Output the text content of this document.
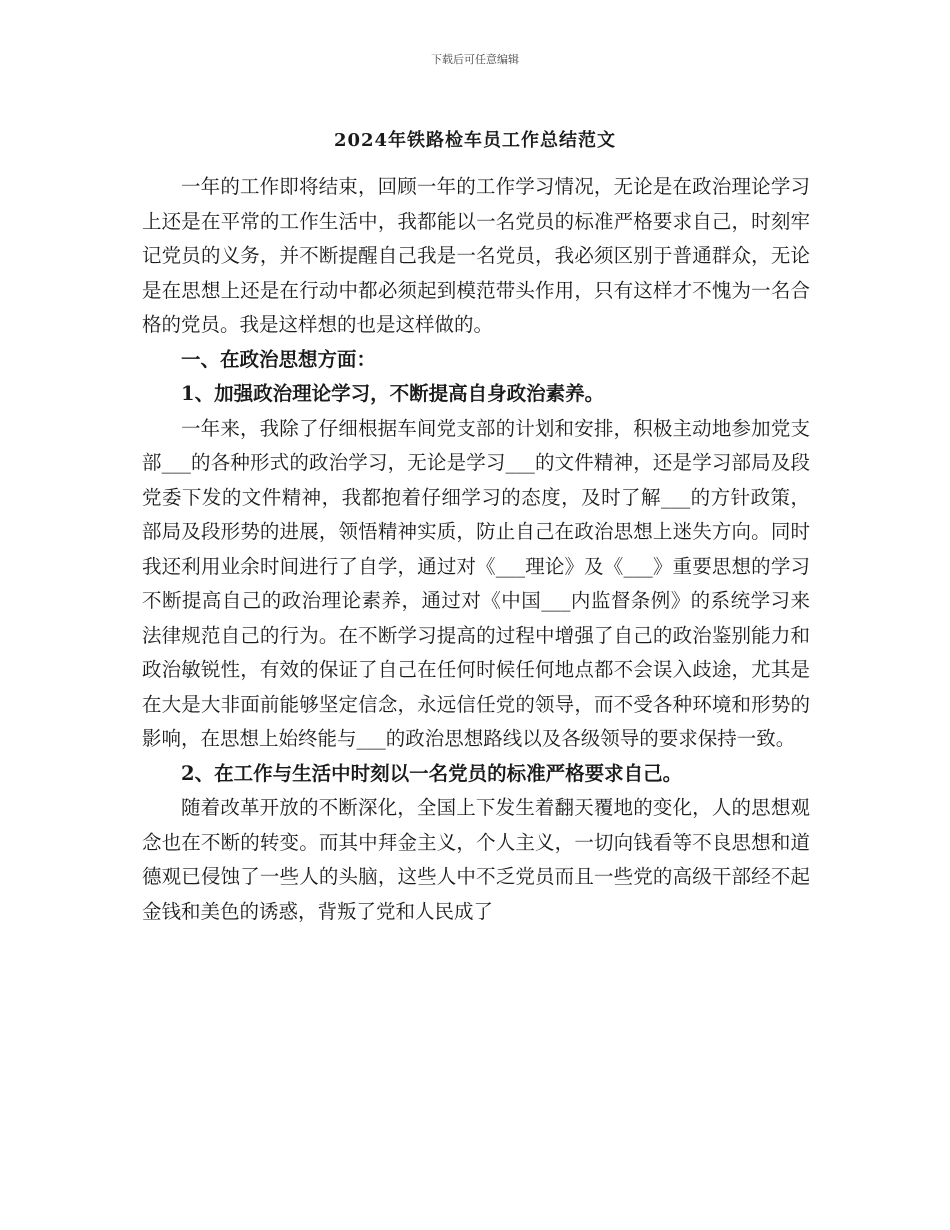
下载后可任意编辑
2024年铁路检车员工作总结范文

一年的工作即将结束，回顾一年的工作学习情况，无论是在政治理论学习上还是在平常的工作生活中，我都能以一名党员的标准严格要求自己，时刻牢记党员的义务，并不断提醒自己我是一名党员，我必须区别于普通群众，无论是在思想上还是在行动中都必须起到模范带头作用，只有这样才不愧为一名合格的党员。我是这样想的也是这样做的。

一、在政治思想方面：

1、加强政治理论学习，不断提高自身政治素养。

一年来，我除了仔细根据车间党支部的计划和安排，积极主动地参加党支部___的各种形式的政治学习，无论是学习___的文件精神，还是学习部局及段党委下发的文件精神，我都抱着仔细学习的态度，及时了解___的方针政策，部局及段形势的进展，领悟精神实质，防止自己在政治思想上迷失方向。同时我还利用业余时间进行了自学，通过对《___理论》及《___》重要思想的学习不断提高自己的政治理论素养，通过对《中国___内监督条例》的系统学习来法律规范自己的行为。在不断学习提高的过程中增强了自己的政治鉴别能力和政治敏锐性，有效的保证了自己在任何时候任何地点都不会误入歧途，尤其是在大是大非面前能够坚定信念，永远信任党的领导，而不受各种环境和形势的影响，在思想上始终能与___的政治思想路线以及各级领导的要求保持一致。

2、在工作与生活中时刻以一名党员的标准严格要求自己。

随着改革开放的不断深化，全国上下发生着翻天覆地的变化，人的思想观念也在不断的转变。而其中拜金主义，个人主义，一切向钱看等不良思想和道德观已侵蚀了一些人的头脑，这些人中不乏党员而且一些党的高级干部经不起金钱和美色的诱惑，背叛了党和人民成了
